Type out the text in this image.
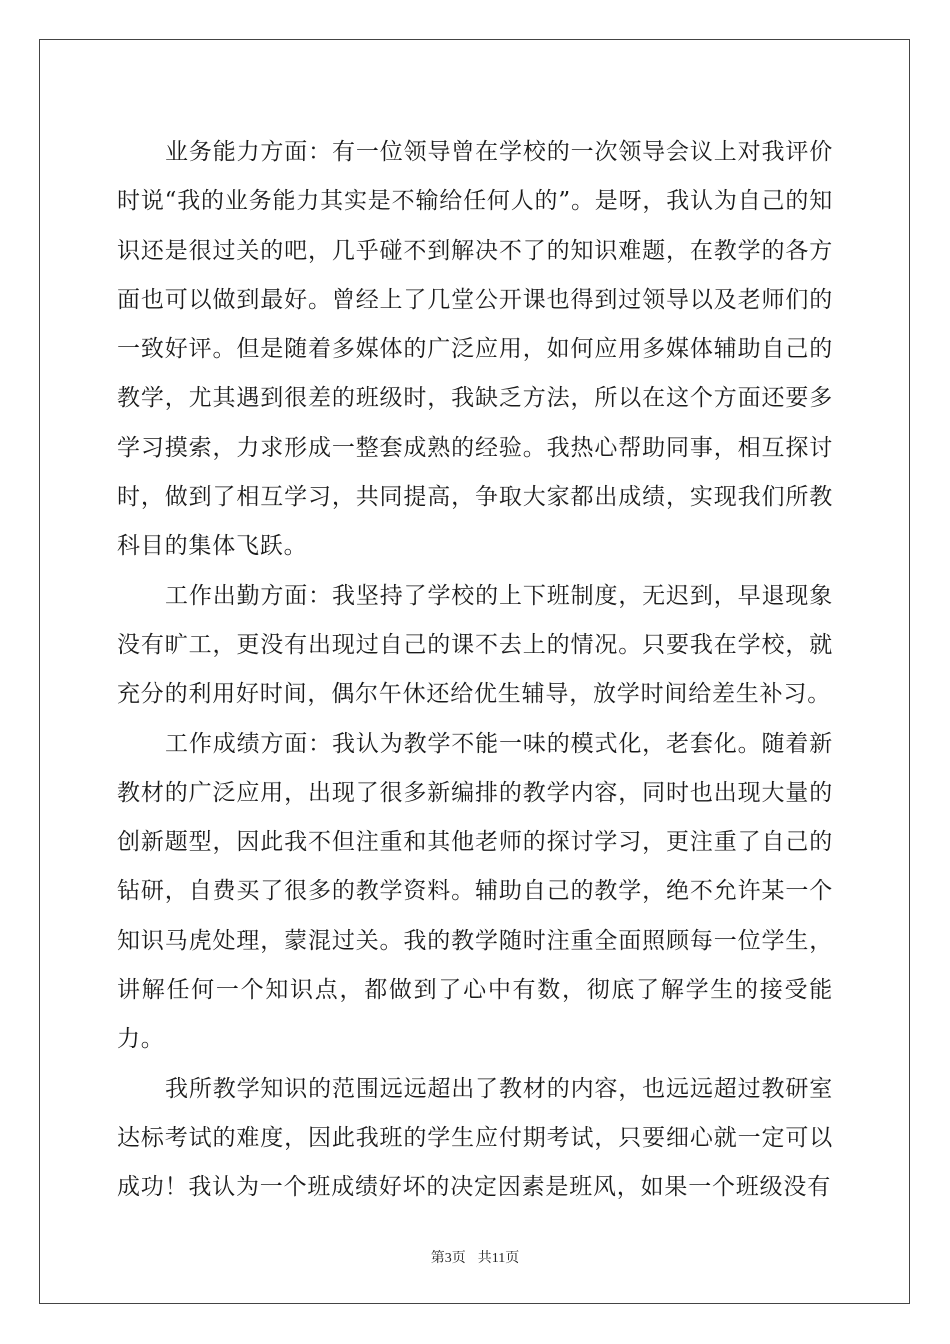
业务能力方面：有一位领导曾在学校的一次领导会议上对我评价时说“我的业务能力其实是不输给任何人的”。是呀，我认为自己的知识还是很过关的吧，几乎碰不到解决不了的知识难题，在教学的各方面也可以做到最好。曾经上了几堂公开课也得到过领导以及老师们的一致好评。但是随着多媒体的广泛应用，如何应用多媒体辅助自己的教学，尤其遇到很差的班级时，我缺乏方法，所以在这个方面还要多学习摸索，力求形成一整套成熟的经验。我热心帮助同事，相互探讨时，做到了相互学习，共同提高，争取大家都出成绩，实现我们所教科目的集体飞跃。

工作出勤方面：我坚持了学校的上下班制度，无迟到，早退现象没有旷工，更没有出现过自己的课不去上的情况。只要我在学校，就充分的利用好时间，偶尔午休还给优生辅导，放学时间给差生补习。

工作成绩方面：我认为教学不能一味的模式化，老套化。随着新教材的广泛应用，出现了很多新编排的教学内容，同时也出现大量的创新题型，因此我不但注重和其他老师的探讨学习，更注重了自己的钻研，自费买了很多的教学资料。辅助自己的教学，绝不允许某一个知识马虎处理，蒙混过关。我的教学随时注重全面照顾每一位学生，讲解任何一个知识点，都做到了心中有数，彻底了解学生的接受能力。

我所教学知识的范围远远超出了教材的内容，也远远超过教研室达标考试的难度，因此我班的学生应付期考试，只要细心就一定可以成功！我认为一个班成绩好坏的决定因素是班风，如果一个班级没有

第3页 共11页
